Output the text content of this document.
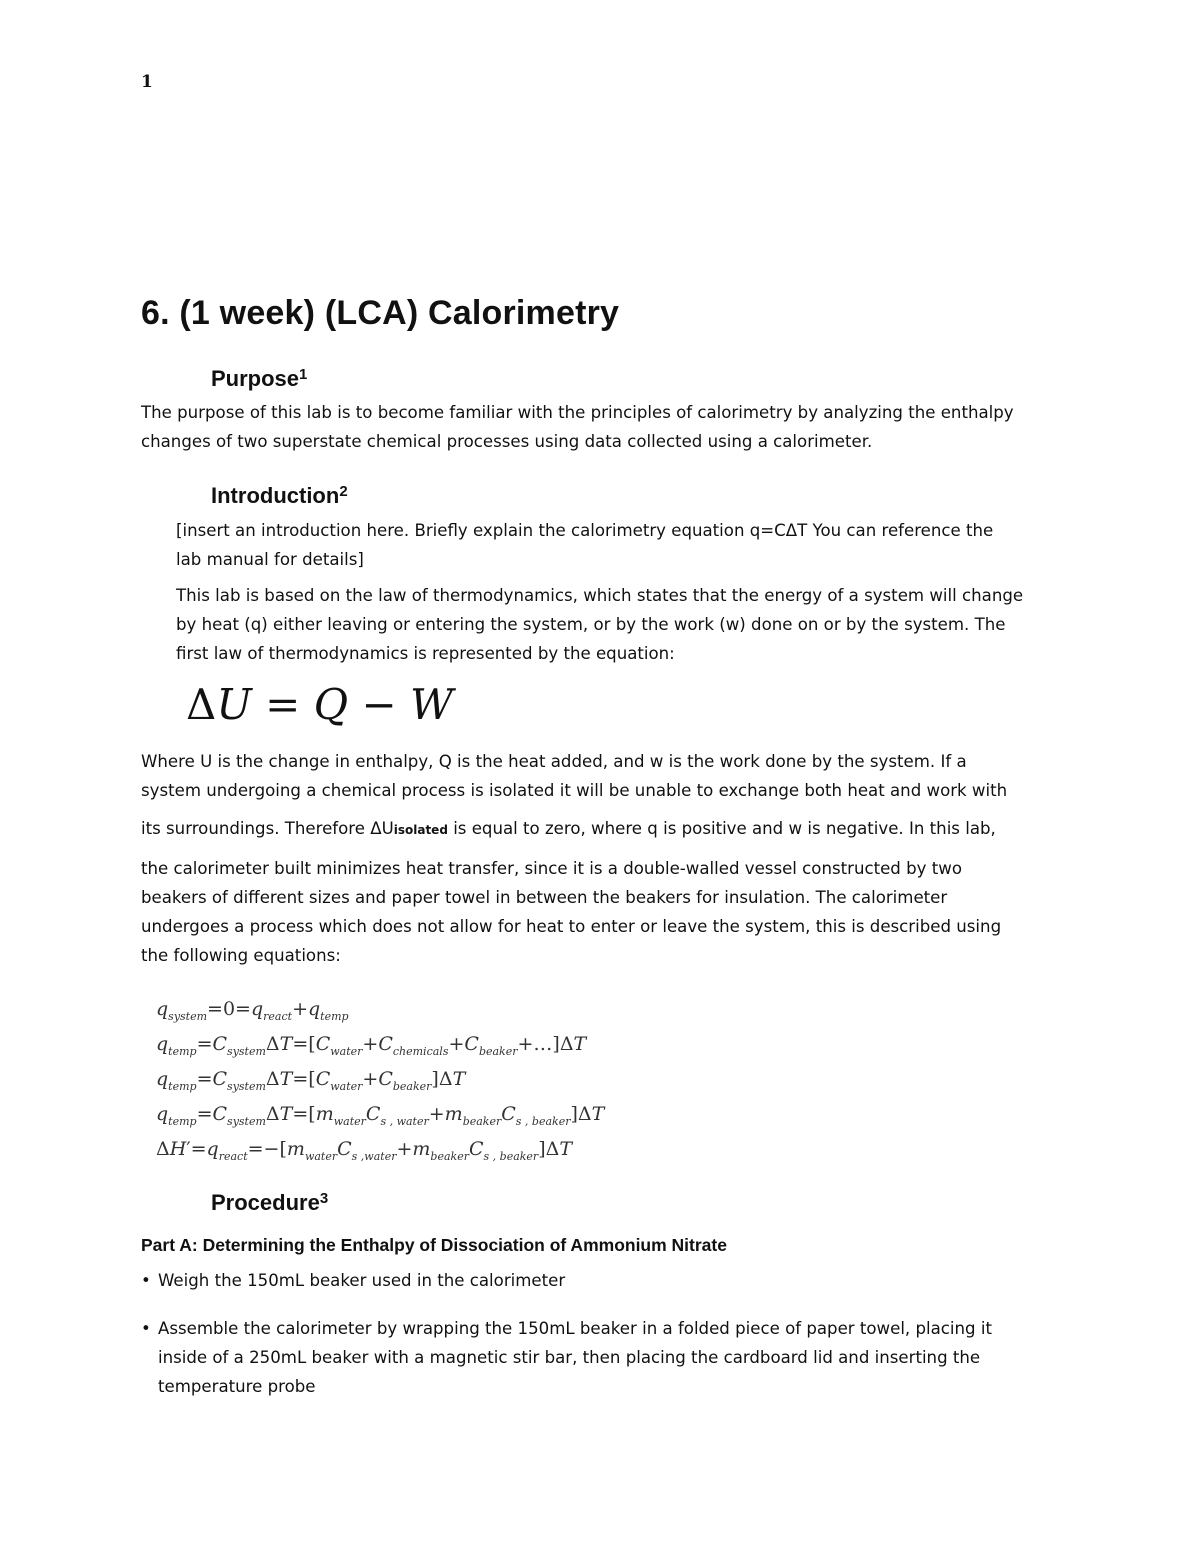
1
6. (1 week) (LCA) Calorimetry
Purpose$^1$

The purpose of this lab is to become familiar with the principles of calorimetry by analyzing the enthalpy

changes of two superstate chemical processes using data collected using a calorimeter.

Introduction$^2$

[insert an introduction here. Briefly explain the calorimetry equation q=CΔT You can reference the

lab manual for details]

This lab is based on the law of thermodynamics, which states that the energy of a system will change

by heat (q) either leaving or entering the system, or by the work (w) done on or by the system. The

first law of thermodynamics is represented by the equation:

ΔU = Q − W

Where U is the change in enthalpy, Q is the heat added, and w is the work done by the system. If a

system undergoing a chemical process is isolated it will be unable to exchange both heat and work with

its surroundings. Therefore ΔUisolated is equal to zero, where q is positive and w is negative. In this lab,

the calorimeter built minimizes heat transfer, since it is a double-walled vessel constructed by two

beakers of different sizes and paper towel in between the beakers for insulation. The calorimeter

undergoes a process which does not allow for heat to enter or leave the system, this is described using

the following equations:

$q_{system}=0=q_{react}+q_{temp}$
$q_{temp}=C_{system}\Delta T=[C_{water}+C_{chemicals}+C_{beaker}+\dots]\Delta T$
$q_{temp}=C_{system}\Delta T=[C_{water}+C_{beaker}]\Delta T$
$q_{temp}=C_{system}\Delta T=[m_{water}C_{s , water}+m_{beaker}C_{s , beaker}]\Delta T$
$\Delta H'=q_{react}=-[m_{water}C_{s ,water}+m_{beaker}C_{s , beaker}]\Delta T$
Procedure$^3$
Part A: Determining the Enthalpy of Dissociation of Ammonium Nitrate
• Weigh the 150mL beaker used in the calorimeter
• Assemble the calorimeter by wrapping the 150mL beaker in a folded piece of paper towel, placing it
inside of a 250mL beaker with a magnetic stir bar, then placing the cardboard lid and inserting the
temperature probe
